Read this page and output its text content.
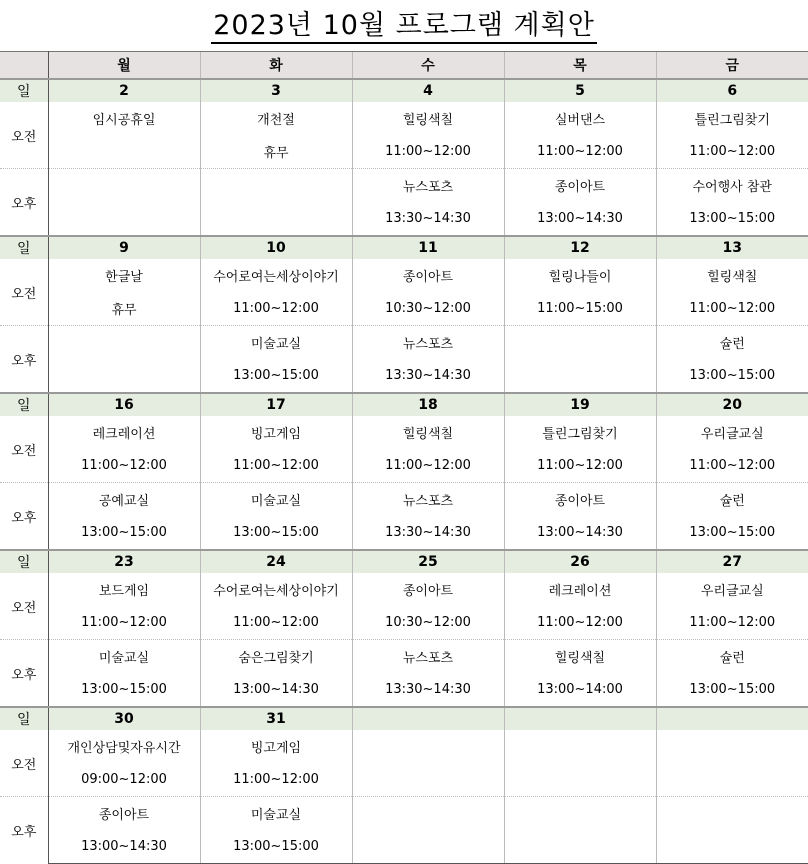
2023년 10월 프로그램 계획안
	월	화	수	목	금
일	2	3	4	5	6
오전	임시공휴일	개천절	힐링색칠	실버댄스	틀린그림찾기
		휴무	11:00~12:00	11:00~12:00	11:00~12:00
오후			뉴스포츠	종이아트	수어행사 참관
			13:30~14:30	13:00~14:30	13:00~15:00
일	9	10	11	12	13
오전	한글날	수어로여는세상이야기	종이아트	힐링나들이	힐링색칠
	휴무	11:00~12:00	10:30~12:00	11:00~15:00	11:00~12:00
오후		미술교실	뉴스포츠		슐런
		13:00~15:00	13:30~14:30		13:00~15:00
일	16	17	18	19	20
오전	레크레이션	빙고게임	힐링색칠	틀린그림찾기	우리글교실
	11:00~12:00	11:00~12:00	11:00~12:00	11:00~12:00	11:00~12:00
오후	공예교실	미술교실	뉴스포츠	종이아트	슐런
	13:00~15:00	13:00~15:00	13:30~14:30	13:00~14:30	13:00~15:00
일	23	24	25	26	27
오전	보드게임	수어로여는세상이야기	종이아트	레크레이션	우리글교실
	11:00~12:00	11:00~12:00	10:30~12:00	11:00~12:00	11:00~12:00
오후	미술교실	숨은그림찾기	뉴스포츠	힐링색칠	슐런
	13:00~15:00	13:00~14:30	13:30~14:30	13:00~14:00	13:00~15:00
일	30	31			
오전	개인상담및자유시간	빙고게임			
	09:00~12:00	11:00~12:00			
오후	종이아트	미술교실			
	13:00~14:30	13:00~15:00			
